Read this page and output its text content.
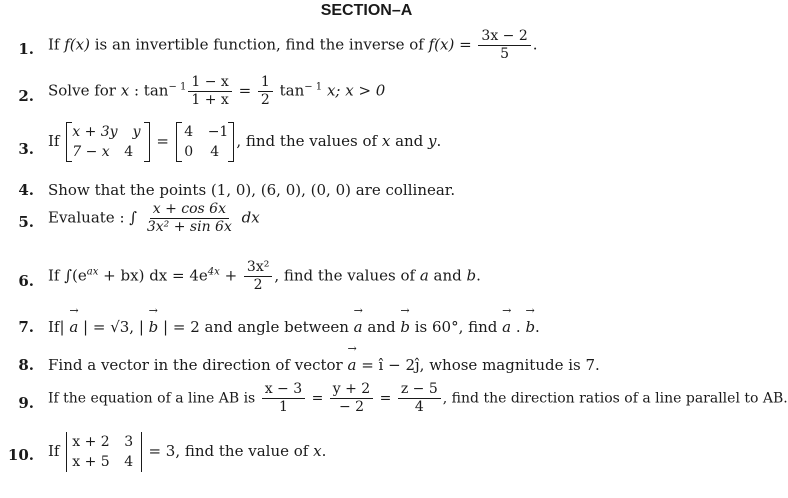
SECTION–A
1. If f(x) is an invertible function, find the inverse of $f(x) = \frac{3x - 2}{5}$ .
2. Solve for x : $\tan^{- 1} \frac{1 - x}{1 + x} = \frac{1}{2} \tan^{- 1} x$; x > 0
3. If x + 3y y
7 − x 4
= 4 −1
0 4
, find the values of x and y.
4. Show that the points (1, 0), (6, 0), (0, 0) are collinear.
5. Evaluate : ∫ $\frac{x + \cos 6x}{\text{3x² + sin 6x}}$ dx
6. If $\int(e^{ax} + bx)$ dx = $4e^{4x} + \frac{\text{3x²}}{2}$ , find the values of a and b.
7. If| → a | = √3, | → b | = 2 and angle between → a and → b is 60°, find → a . → b.
8. Find a vector in the direction of vector → a = î − 2ĵ, whose magnitude is 7.
9. If the equation of a line AB is $\frac{x - 3}{1} = \frac{y + 2}{- 2} = \frac{z - 5}{4}$ , find the direction ratios of a line parallel to AB.
10. If x + 2 3
x + 5 4
= 3, find the value of x.
